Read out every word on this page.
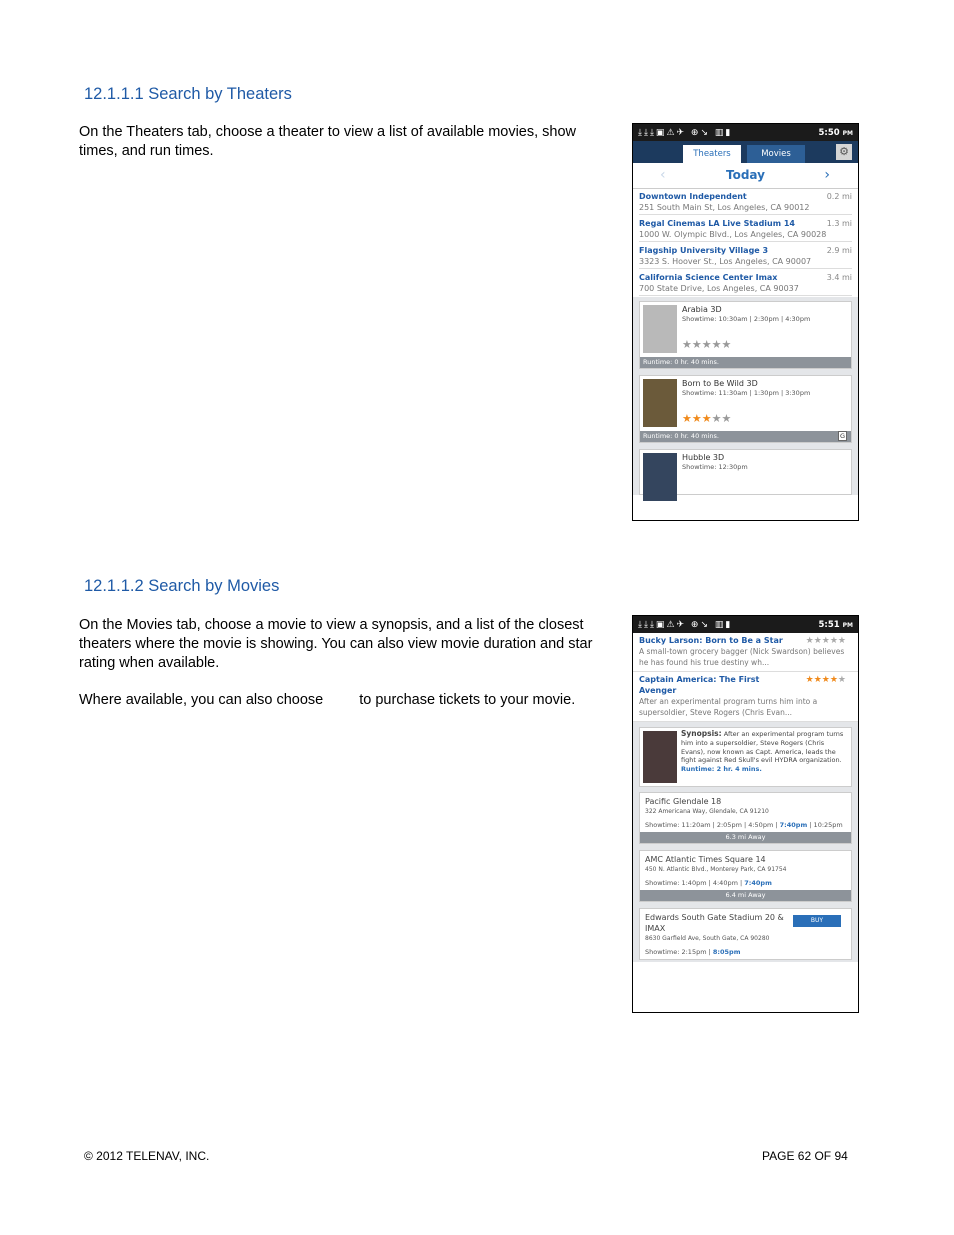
12.1.1.1 Search by Theaters
On the Theaters tab, choose a theater to view a list of available movies, show times, and run times.
⤓⤓⤓▣⚠✈ ⊕↘ ▥▮	5:50 PM
Theaters	Movies	⚙
‹	Today	›
Downtown Independent	0.2 mi
251 South Main St, Los Angeles, CA 90012
Regal Cinemas LA Live Stadium 14	1.3 mi
1000 W. Olympic Blvd., Los Angeles, CA 90028
Flagship University Village 3	2.9 mi
3323 S. Hoover St., Los Angeles, CA 90007
California Science Center Imax	3.4 mi
700 State Drive, Los Angeles, CA 90037
Arabia 3D
Showtime: 10:30am | 2:30pm | 4:30pm
★★★★★
Runtime: 0 hr. 40 mins.
Born to Be Wild 3D
Showtime: 11:30am | 1:30pm | 3:30pm
★★★★★
Runtime: 0 hr. 40 mins.	G
Hubble 3D
Showtime: 12:30pm
12.1.1.2 Search by Movies
On the Movies tab, choose a movie to view a synopsis, and a list of the closest theaters where the movie is showing. You can also view movie duration and star rating when available.
Where available, you can also choose to purchase tickets to your movie.
⤓⤓⤓▣⚠✈ ⊕↘ ▥▮	5:51 PM
Bucky Larson: Born to Be a Star	★★★★★
A small-town grocery bagger (Nick Swardson) believes he has found his true destiny wh...
Captain America: The First Avenger
★★★★★
After an experimental program turns him into a supersoldier, Steve Rogers (Chris Evan...
Synopsis: After an experimental program turns him into a supersoldier, Steve Rogers (Chris Evans), now known as Capt. America, leads the fight against Red Skull's evil HYDRA organization.
Runtime: 2 hr. 4 mins.
Pacific Glendale 18
322 Americana Way, Glendale, CA 91210
Showtime: 11:20am | 2:05pm | 4:50pm | 7:40pm | 10:25pm
6.3 mi Away
AMC Atlantic Times Square 14
450 N. Atlantic Blvd., Monterey Park, CA 91754
Showtime: 1:40pm | 4:40pm | 7:40pm
6.4 mi Away
Edwards South Gate Stadium 20 & IMAX
8630 Garfield Ave, South Gate, CA 90280
Showtime: 2:15pm | 8:05pm
BUY
© 2012 TELENAV, INC.	PAGE 62 OF 94
